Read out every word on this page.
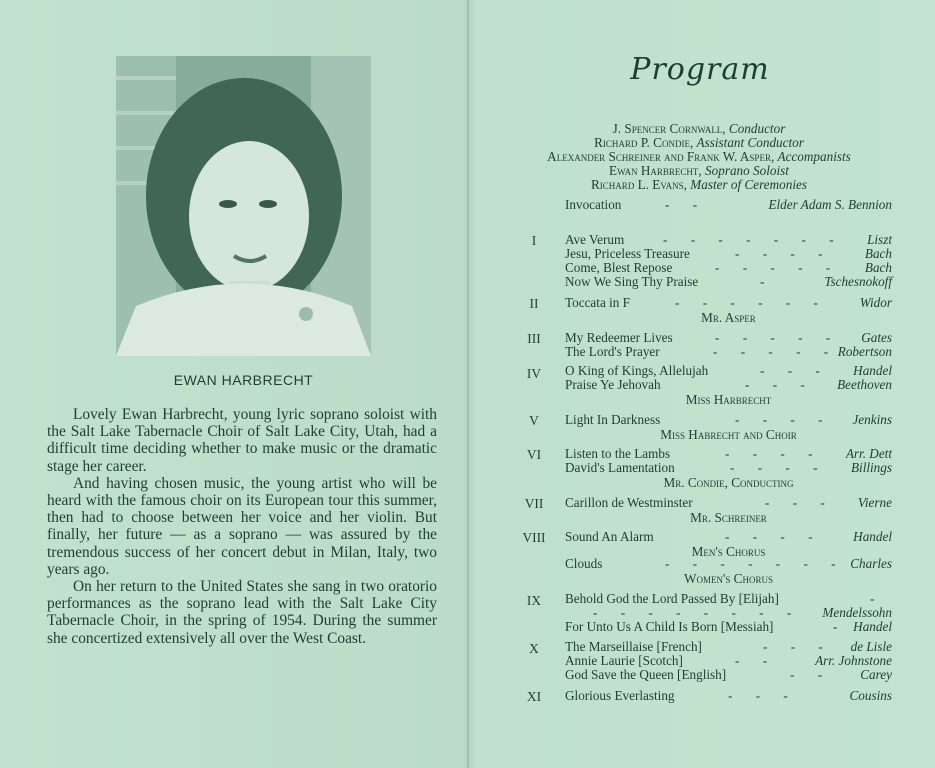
EWAN HARBRECHT

Lovely Ewan Harbrecht, young lyric soprano soloist with the Salt Lake Tabernacle Choir of Salt Lake City, Utah, had a difficult time deciding whether to make music or the dramatic stage her career.

And having chosen music, the young artist who will be heard with the famous choir on its European tour this summer, then had to choose between her voice and her violin. But finally, her future — as a soprano — was assured by the tremendous success of her concert debut in Milan, Italy, two years ago.

On her return to the United States she sang in two oratorio performances as the soprano lead with the Salt Lake City Tabernacle Choir, in the spring of 1954. During the summer she concertized extensively all over the West Coast.

Program
J. Spencer Cornwall, Conductor
Richard P. Condie, Assistant Conductor
Alexander Schreiner and Frank W. Asper, Accompanists
Ewan Harbrecht, Soprano Soloist
Richard L. Evans, Master of Ceremonies
Invocation	- -	Elder Adam S. Bennion
I	Ave Verum	- - - - - - - Liszt
Jesu, Priceless Treasure	- - - - Bach
Come, Blest Repose	- - - - - Bach
Now We Sing Thy Praise	-	Tschesnokoff
II	Toccata in F	- - - - - - Widor
Mr. Asper
III	My Redeemer Lives	- - - - - Gates
The Lord's Prayer	- - - - - Robertson
IV	O King of Kings, Allelujah	- - - Handel
Praise Ye Jehovah	- - - Beethoven
Miss Harbrecht
V	Light In Darkness	- - - - Jenkins
Miss Habrecht and Choir
VI	Listen to the Lambs	- - - - Arr. Dett
David's Lamentation	- - - - Billings
Mr. Condie, Conducting
VII	Carillon de Westminster	- - - Vierne
Mr. Schreiner
VIII	Sound An Alarm	- - - - Handel
Men's Chorus
Clouds	- - - - - - - Charles
Women's Chorus
IX	Behold God the Lord Passed By [Elijah]	-
- - - - - - - - Mendelssohn
For Unto Us A Child Is Born [Messiah]	- Handel
X	The Marseillaise [French]	- - - de Lisle
Annie Laurie [Scotch]	- -	Arr. Johnstone
God Save the Queen [English]	- - Carey
XI	Glorious Everlasting	- - -	Cousins
